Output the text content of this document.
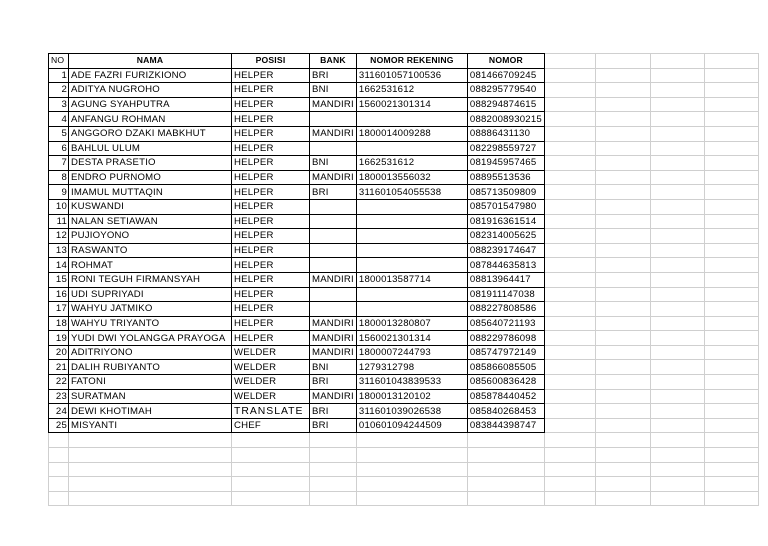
NO	NAMA	POSISI	BANK	NOMOR REKENING	NOMOR				
1	ADE FAZRI FURIZKIONO	HELPER	BRI	311601057100536	081466709245				
2	ADITYA NUGROHO	HELPER	BNI	1662531612	088295779540				
3	AGUNG SYAHPUTRA	HELPER	MANDIRI	1560021301314	088294874615				
4	ANFANGU ROHMAN	HELPER			0882008930215				
5	ANGGORO DZAKI MABKHUT	HELPER	MANDIRI	1800014009288	08886431130				
6	BAHLUL ULUM	HELPER			082298559727				
7	DESTA PRASETIO	HELPER	BNI	1662531612	081945957465				
8	ENDRO PURNOMO	HELPER	MANDIRI	1800013556032	08895513536				
9	IMAMUL MUTTAQIN	HELPER	BRI	311601054055538	085713509809				
10	KUSWANDI	HELPER			085701547980				
11	NALAN SETIAWAN	HELPER			081916361514				
12	PUJIOYONO	HELPER			082314005625				
13	RASWANTO	HELPER			088239174647				
14	ROHMAT	HELPER			087844635813				
15	RONI TEGUH FIRMANSYAH	HELPER	MANDIRI	1800013587714	08813964417				
16	UDI SUPRIYADI	HELPER			081911147038				
17	WAHYU JATMIKO	HELPER			088227808586				
18	WAHYU TRIYANTO	HELPER	MANDIRI	1800013280807	085640721193				
19	YUDI DWI YOLANGGA PRAYOGA	HELPER	MANDIRI	1560021301314	088229786098				
20	ADITRIYONO	WELDER	MANDIRI	1800007244793	085747972149				
21	DALIH RUBIYANTO	WELDER	BNI	1279312798	085866085505				
22	FATONI	WELDER	BRI	311601043839533	085600836428				
23	SURATMAN	WELDER	MANDIRI	1800013120102	085878440452				
24	DEWI KHOTIMAH	TRANSLATE	BRI	311601039026538	085840268453				
25	MISYANTI	CHEF	BRI	010601094244509	083844398747				
